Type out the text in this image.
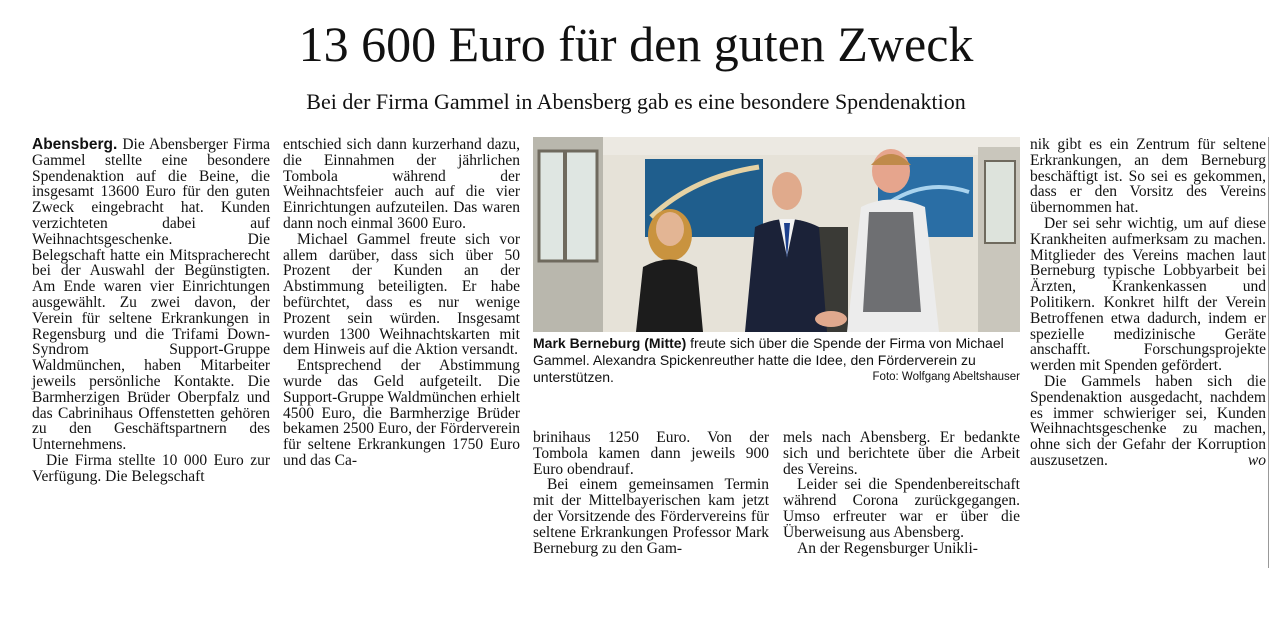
13 600 Euro für den guten Zweck
Bei der Firma Gammel in Abensberg gab es eine besondere Spendenaktion

Abensberg. Die Abensberger Firma Gammel stellte eine besondere Spendenaktion auf die Beine, die insgesamt 13600 Euro für den guten Zweck eingebracht hat. Kunden verzichteten dabei auf Weihnachtsgeschenke. Die Belegschaft hatte ein Mitspracherecht bei der Auswahl der Begünstigten. Am Ende waren vier Einrichtungen ausgewählt. Zu zwei davon, der Verein für seltene Erkrankungen in Regensburg und die Trifami Down-Syndrom Support-Gruppe Waldmünchen, haben Mitarbeiter jeweils persönliche Kontakte. Die Barmherzigen Brüder Oberpfalz und das Cabrinihaus Offenstetten gehören zu den Geschäftspartnern des Unternehmens.

Die Firma stellte 10 000 Euro zur Verfügung. Die Belegschaft

entschied sich dann kurzerhand dazu, die Einnahmen der jährlichen Tombola während der Weihnachtsfeier auch auf die vier Einrichtungen aufzuteilen. Das waren dann noch einmal 3600 Euro.

Michael Gammel freute sich vor allem darüber, dass sich über 50 Prozent der Kunden an der Abstimmung beteiligten. Er habe befürchtet, dass es nur wenige Prozent sein würden. Insgesamt wurden 1300 Weihnachtskarten mit dem Hinweis auf die Aktion versandt.

Entsprechend der Abstimmung wurde das Geld aufgeteilt. Die Support-Gruppe Waldmünchen erhielt 4500 Euro, die Barmherzige Brüder bekamen 2500 Euro, der Förderverein für seltene Erkrankungen 1750 Euro und das Ca-

Mark Berneburg (Mitte) freute sich über die Spende der Firma von Michael Gammel. Alexandra Spickenreuther hatte die Idee, den Förderverein zu unterstützen.	Foto: Wolfgang Abeltshauser

brinihaus 1250 Euro. Von der Tombola kamen dann jeweils 900 Euro obendrauf.

Bei einem gemeinsamen Termin mit der Mittelbayerischen kam jetzt der Vorsitzende des Fördervereins für seltene Erkrankungen Professor Mark Berneburg zu den Gam-

mels nach Abensberg. Er bedankte sich und berichtete über die Arbeit des Vereins.

Leider sei die Spendenbereitschaft während Corona zurückgegangen. Umso erfreuter war er über die Überweisung aus Abensberg.

An der Regensburger Unikli-

nik gibt es ein Zentrum für seltene Erkrankungen, an dem Berneburg beschäftigt ist. So sei es gekommen, dass er den Vorsitz des Vereins übernommen hat.

Der sei sehr wichtig, um auf diese Krankheiten aufmerksam zu machen. Mitglieder des Vereins machen laut Berneburg typische Lobbyarbeit bei Ärzten, Krankenkassen und Politikern. Konkret hilft der Verein Betroffenen etwa dadurch, indem er spezielle medizinische Geräte anschafft. Forschungsprojekte werden mit Spenden gefördert.

Die Gammels haben sich die Spendenaktion ausgedacht, nachdem es immer schwieriger sei, Kunden Weihnachtsgeschenke zu machen, ohne sich der Gefahr der Korruption auszusetzen.	wo
